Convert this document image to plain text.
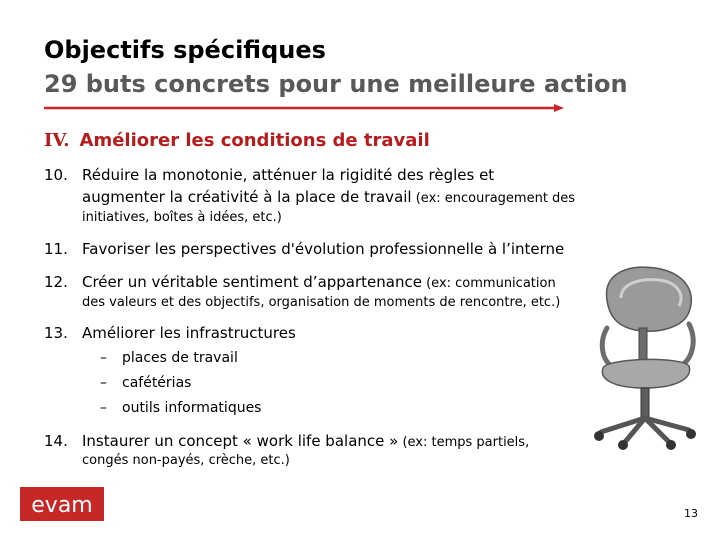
Objectifs spécifiques
29 buts concrets pour une meilleure action
IV. Améliorer les conditions de travail
10. Réduire la monotonie, atténuer la rigidité des règles et
augmenter la créativité à la place de travail (ex: encouragement des
initiatives, boîtes à idées, etc.)
11. Favoriser les perspectives d'évolution professionnelle à l’interne
12. Créer un véritable sentiment d’appartenance (ex: communication
des valeurs et des objectifs, organisation de moments de rencontre, etc.)
13. Améliorer les infrastructures
– places de travail
– cafétérias
– outils informatiques
14. Instaurer un concept « work life balance » (ex: temps partiels,
congés non-payés, crèche, etc.)
evam	13
